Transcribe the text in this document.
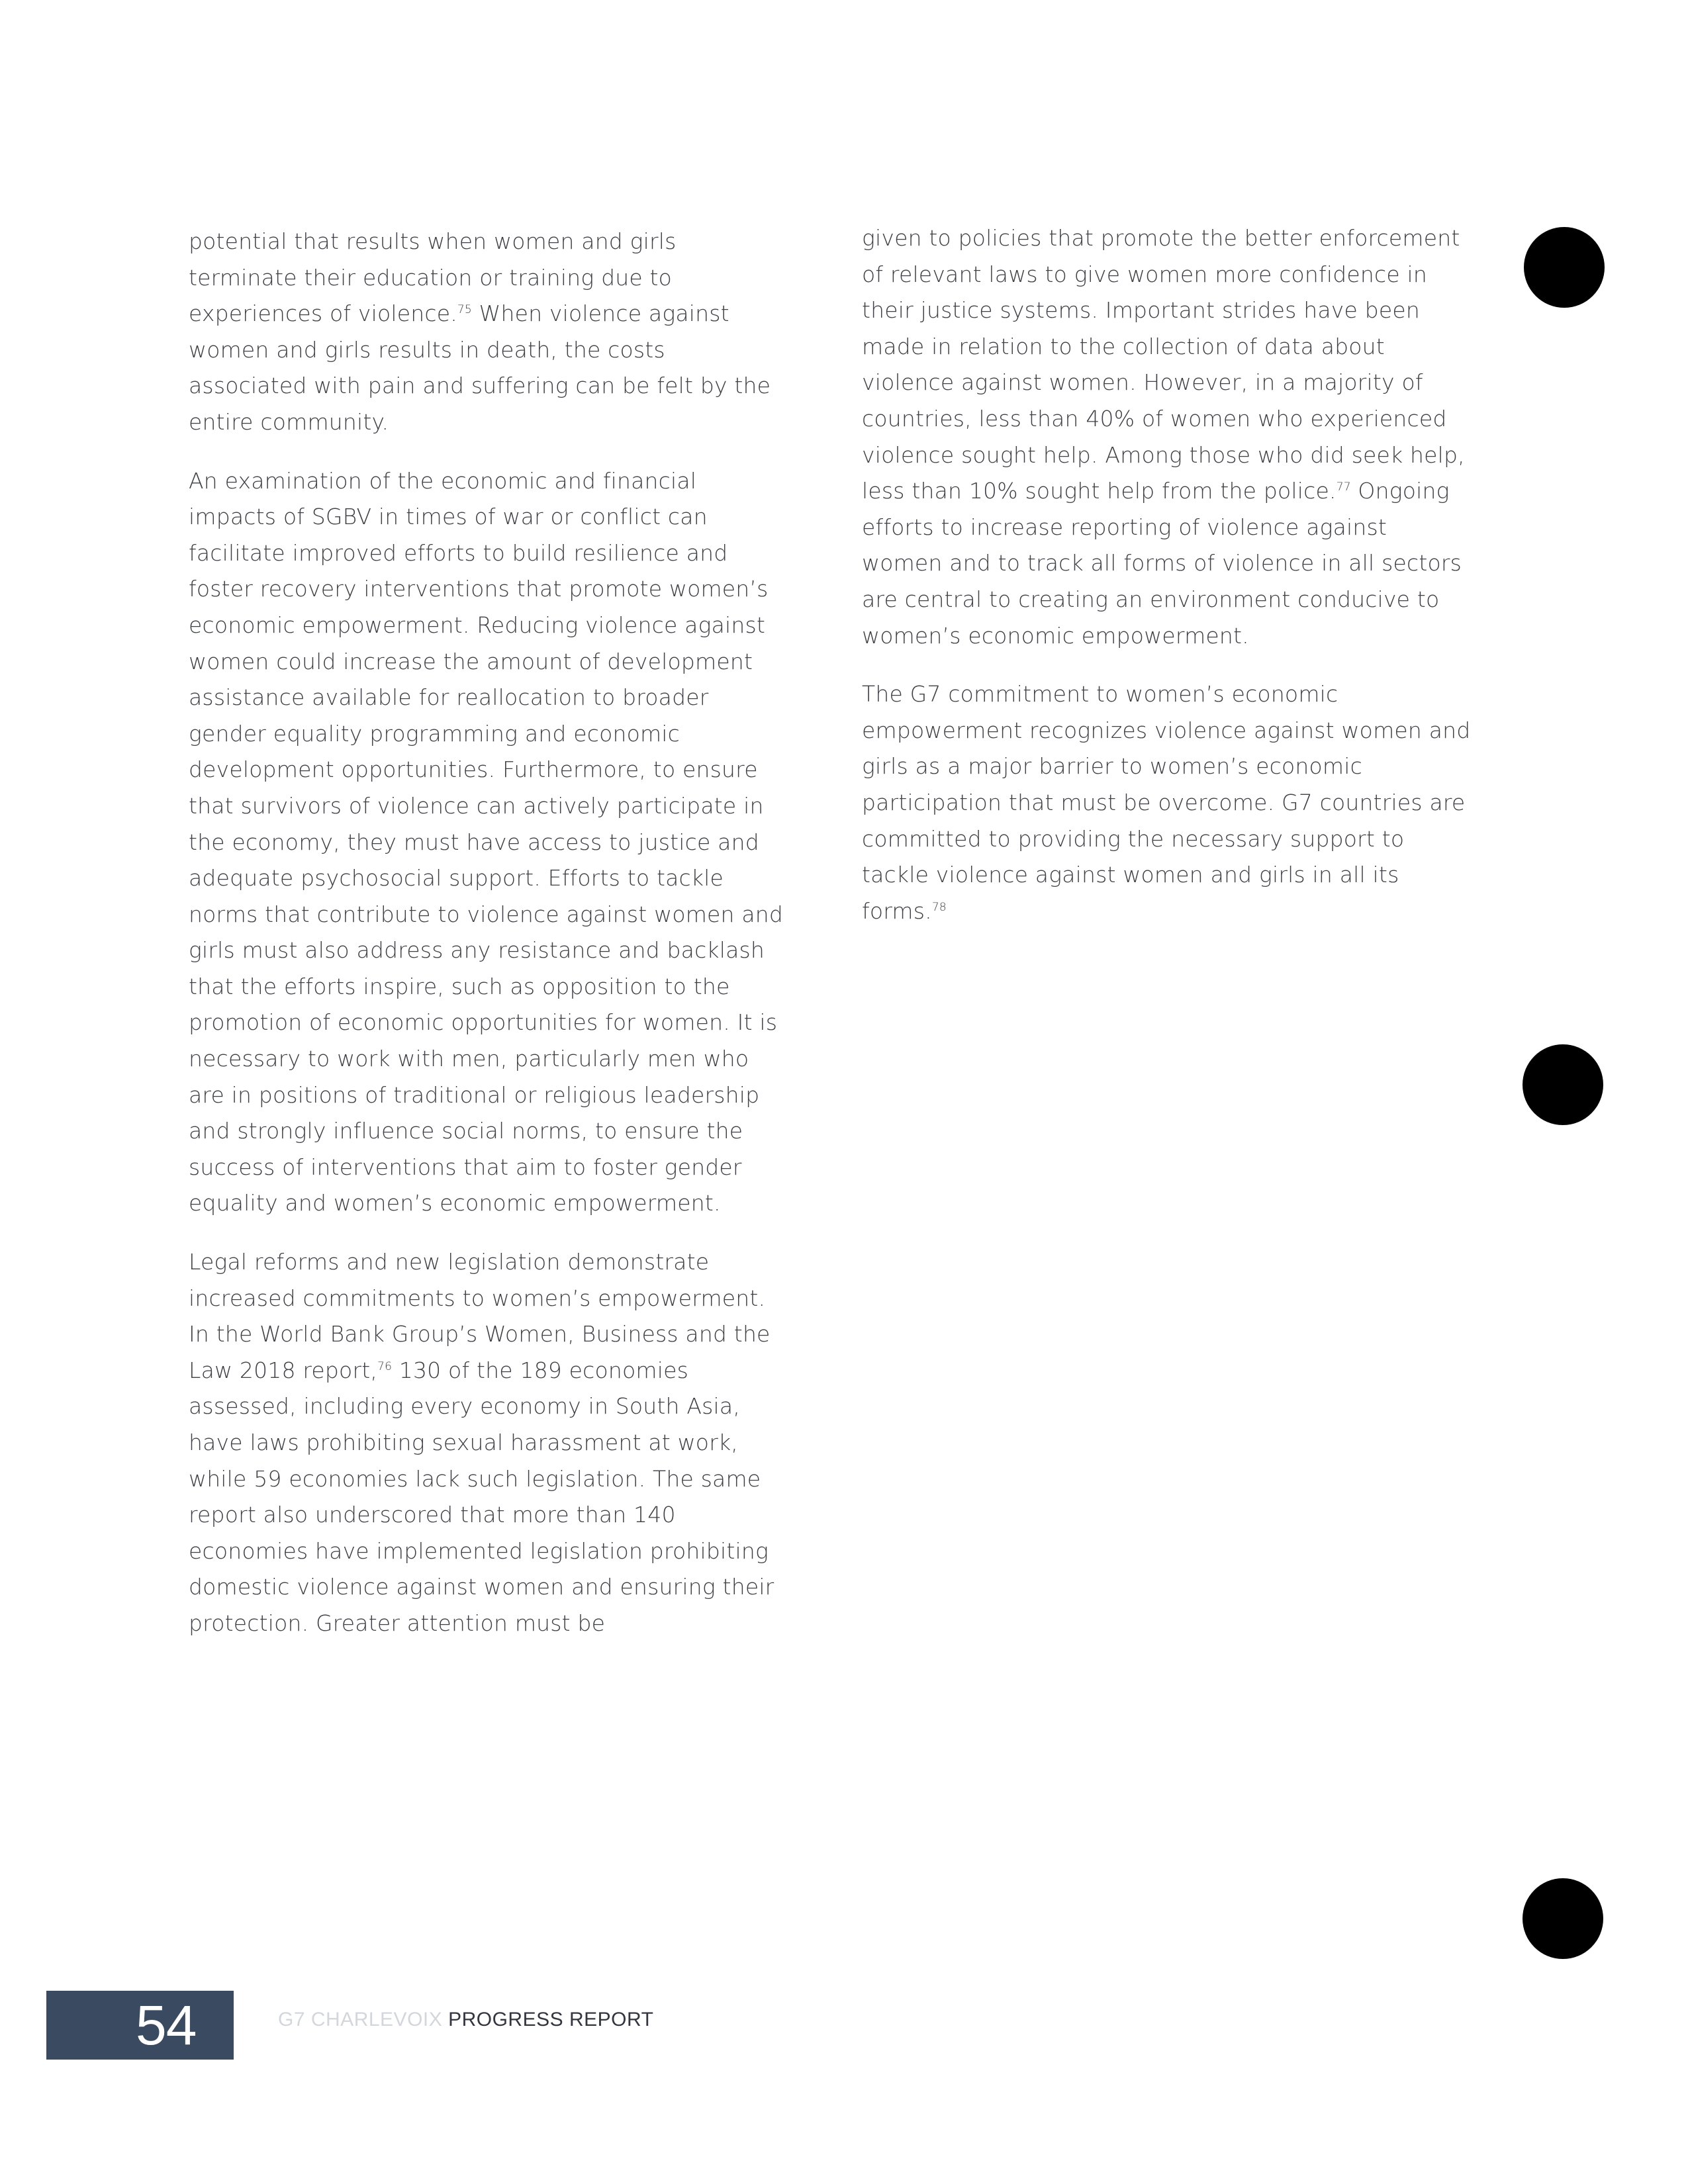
potential that results when women and girls terminate their education or training due to experiences of violence.$^{75}$ When violence against women and girls results in death, the costs associated with pain and suffering can be felt by the entire community.

An examination of the economic and financial impacts of SGBV in times of war or conflict can facilitate improved efforts to build resilience and foster recovery interventions that promote women’s economic empowerment. Reducing violence against women could increase the amount of development assistance available for reallocation to broader gender equality programming and economic development opportunities. Furthermore, to ensure that survivors of violence can actively participate in the economy, they must have access to justice and adequate psychosocial support. Efforts to tackle norms that contribute to violence against women and girls must also address any resistance and backlash that the efforts inspire, such as opposition to the promotion of economic opportunities for women. It is necessary to work with men, particularly men who are in positions of traditional or religious leadership and strongly influence social norms, to ensure the success of interventions that aim to foster gender equality and women’s economic empowerment.

Legal reforms and new legislation demonstrate increased commitments to women’s empowerment. In the World Bank Group’s Women, Business and the Law 2018 report,$^{76}$ 130 of the 189 economies assessed, including every economy in South Asia, have laws prohibiting sexual harassment at work, while 59 economies lack such legislation. The same report also underscored that more than 140 economies have implemented legislation prohibiting domestic violence against women and ensuring their protection. Greater attention must be

given to policies that promote the better enforcement of relevant laws to give women more confidence in their justice systems. Important strides have been made in relation to the collection of data about violence against women. However, in a majority of countries, less than 40% of women who experienced violence sought help. Among those who did seek help, less than 10% sought help from the police.$^{77}$ Ongoing efforts to increase reporting of violence against women and to track all forms of violence in all sectors are central to creating an environment conducive to women’s economic empowerment.

The G7 commitment to women’s economic empowerment recognizes violence against women and girls as a major barrier to women’s economic participation that must be overcome. G7 countries are committed to providing the necessary support to tackle violence against women and girls in all its forms.$^{78}$

54	G7 CHARLEVOIX PROGRESS REPORT
